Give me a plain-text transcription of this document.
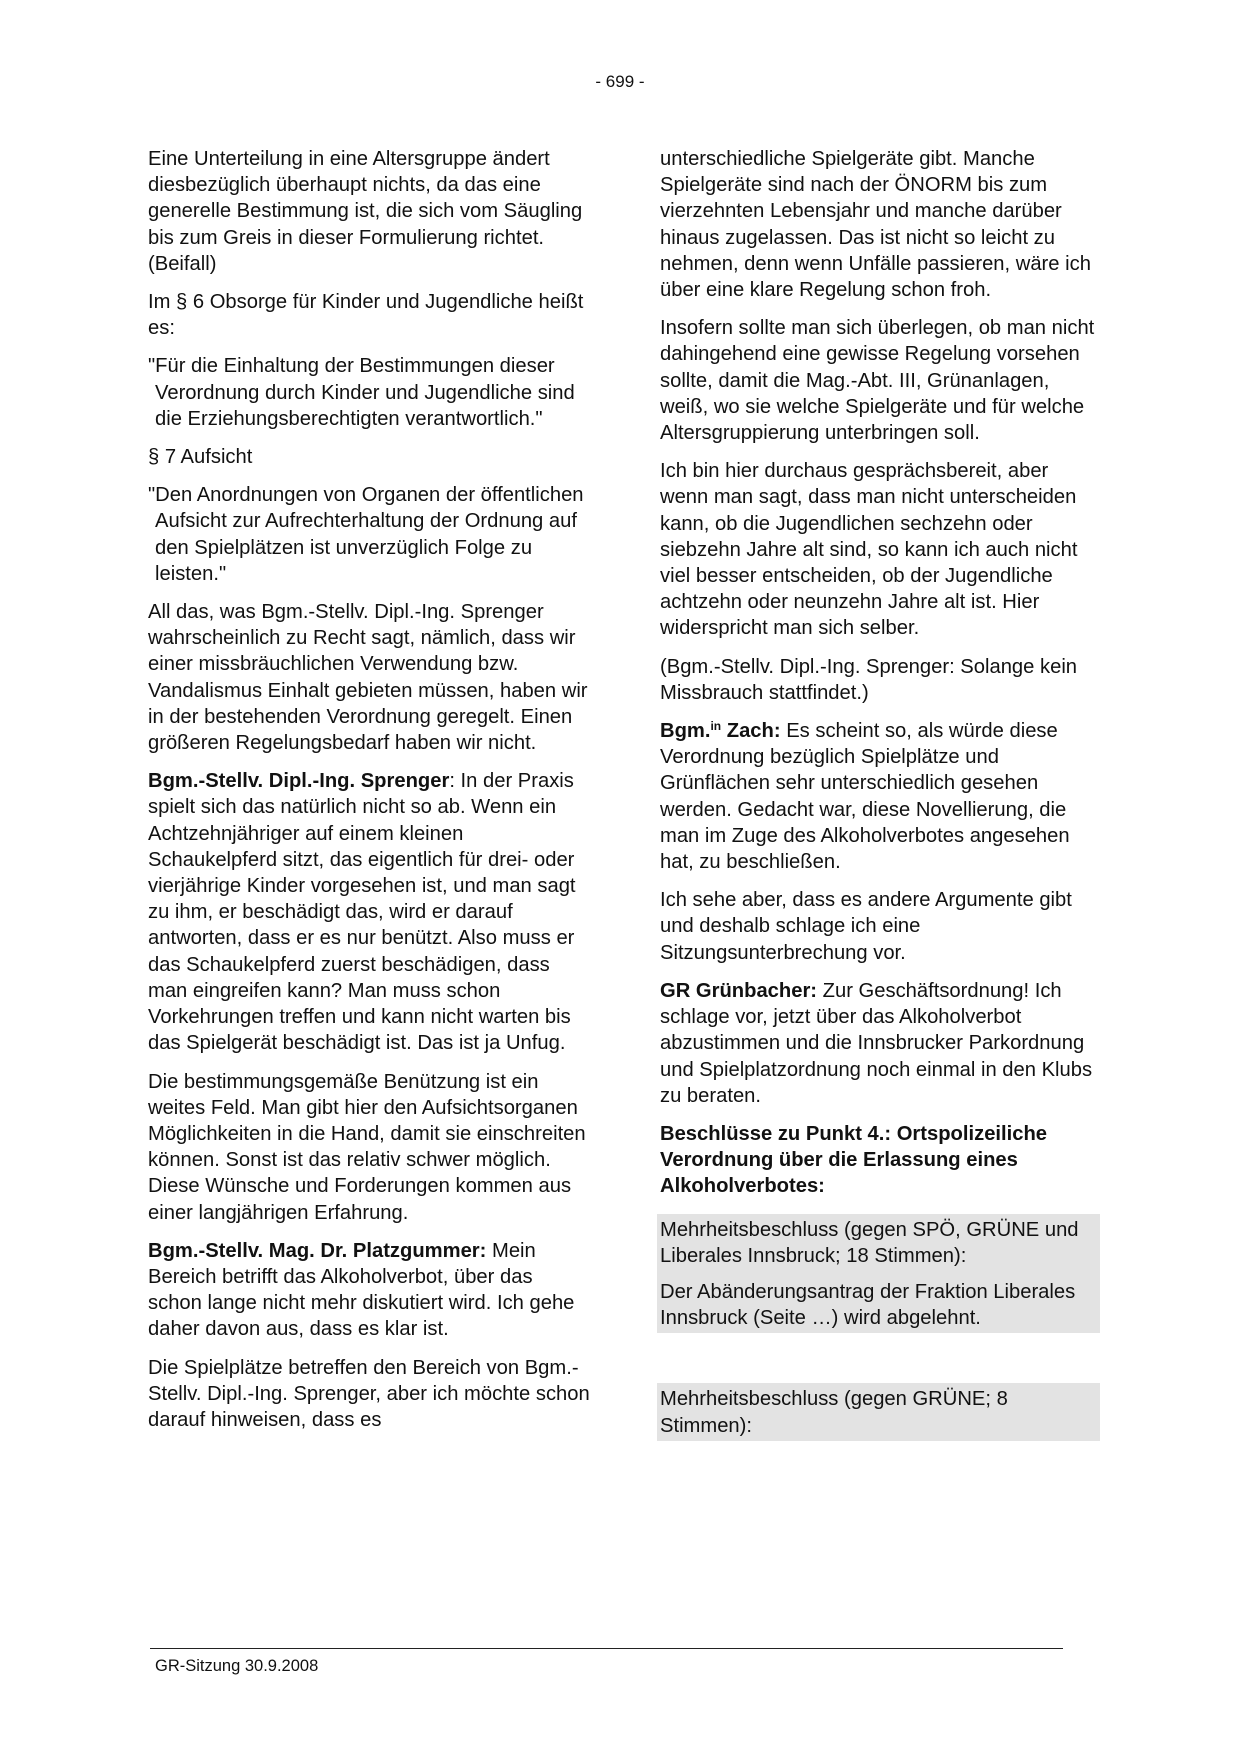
- 699 -

Eine Unterteilung in eine Altersgruppe ändert diesbezüglich überhaupt nichts, da das eine generelle Bestimmung ist, die sich vom Säugling bis zum Greis in dieser Formulierung richtet. (Beifall)

Im § 6 Obsorge für Kinder und Jugendliche heißt es:

"Für die Einhaltung der Bestimmungen dieser Verordnung durch Kinder und Jugendliche sind die Erziehungsberechtigten verantwortlich."

§ 7 Aufsicht

"Den Anordnungen von Organen der öffentlichen Aufsicht zur Aufrechterhaltung der Ordnung auf den Spielplätzen ist unverzüglich Folge zu leisten."

All das, was Bgm.-Stellv. Dipl.-Ing. Sprenger wahrscheinlich zu Recht sagt, nämlich, dass wir einer missbräuchlichen Verwendung bzw. Vandalismus Einhalt gebieten müssen, haben wir in der bestehenden Verordnung geregelt. Einen größeren Regelungsbedarf haben wir nicht.

Bgm.-Stellv. Dipl.-Ing. Sprenger: In der Praxis spielt sich das natürlich nicht so ab. Wenn ein Achtzehnjähriger auf einem kleinen Schaukelpferd sitzt, das eigentlich für drei- oder vierjährige Kinder vorgesehen ist, und man sagt zu ihm, er beschädigt das, wird er darauf antworten, dass er es nur benützt. Also muss er das Schaukelpferd zuerst beschädigen, dass man eingreifen kann? Man muss schon Vorkehrungen treffen und kann nicht warten bis das Spielgerät beschädigt ist. Das ist ja Unfug.

Die bestimmungsgemäße Benützung ist ein weites Feld. Man gibt hier den Aufsichtsorganen Möglichkeiten in die Hand, damit sie einschreiten können. Sonst ist das relativ schwer möglich. Diese Wünsche und Forderungen kommen aus einer langjährigen Erfahrung.

Bgm.-Stellv. Mag. Dr. Platzgummer: Mein Bereich betrifft das Alkoholverbot, über das schon lange nicht mehr diskutiert wird. Ich gehe daher davon aus, dass es klar ist.

Die Spielplätze betreffen den Bereich von Bgm.-Stellv. Dipl.-Ing. Sprenger, aber ich möchte schon darauf hinweisen, dass es

unterschiedliche Spielgeräte gibt. Manche Spielgeräte sind nach der ÖNORM bis zum vierzehnten Lebensjahr und manche darüber hinaus zugelassen. Das ist nicht so leicht zu nehmen, denn wenn Unfälle passieren, wäre ich über eine klare Regelung schon froh.

Insofern sollte man sich überlegen, ob man nicht dahingehend eine gewisse Regelung vorsehen sollte, damit die Mag.-Abt. III, Grünanlagen, weiß, wo sie welche Spielgeräte und für welche Altersgruppierung unterbringen soll.

Ich bin hier durchaus gesprächsbereit, aber wenn man sagt, dass man nicht unterscheiden kann, ob die Jugendlichen sechzehn oder siebzehn Jahre alt sind, so kann ich auch nicht viel besser entscheiden, ob der Jugendliche achtzehn oder neunzehn Jahre alt ist. Hier widerspricht man sich selber.

(Bgm.-Stellv. Dipl.-Ing. Sprenger: Solange kein Missbrauch stattfindet.)

Bgm.$^{in}$ Zach: Es scheint so, als würde diese Verordnung bezüglich Spielplätze und Grünflächen sehr unterschiedlich gesehen werden. Gedacht war, diese Novellierung, die man im Zuge des Alkoholverbotes angesehen hat, zu beschließen.

Ich sehe aber, dass es andere Argumente gibt und deshalb schlage ich eine Sitzungsunterbrechung vor.

GR Grünbacher: Zur Geschäftsordnung! Ich schlage vor, jetzt über das Alkoholverbot abzustimmen und die Innsbrucker Parkordnung und Spielplatzordnung noch einmal in den Klubs zu beraten.

Beschlüsse zu Punkt 4.: Ortspolizeiliche Verordnung über die Erlassung eines Alkoholverbotes:

Mehrheitsbeschluss (gegen SPÖ, GRÜNE und Liberales Innsbruck; 18 Stimmen):

Der Abänderungsantrag der Fraktion Liberales Innsbruck (Seite …) wird abgelehnt.

Mehrheitsbeschluss (gegen GRÜNE; 8 Stimmen):

GR-Sitzung 30.9.2008
